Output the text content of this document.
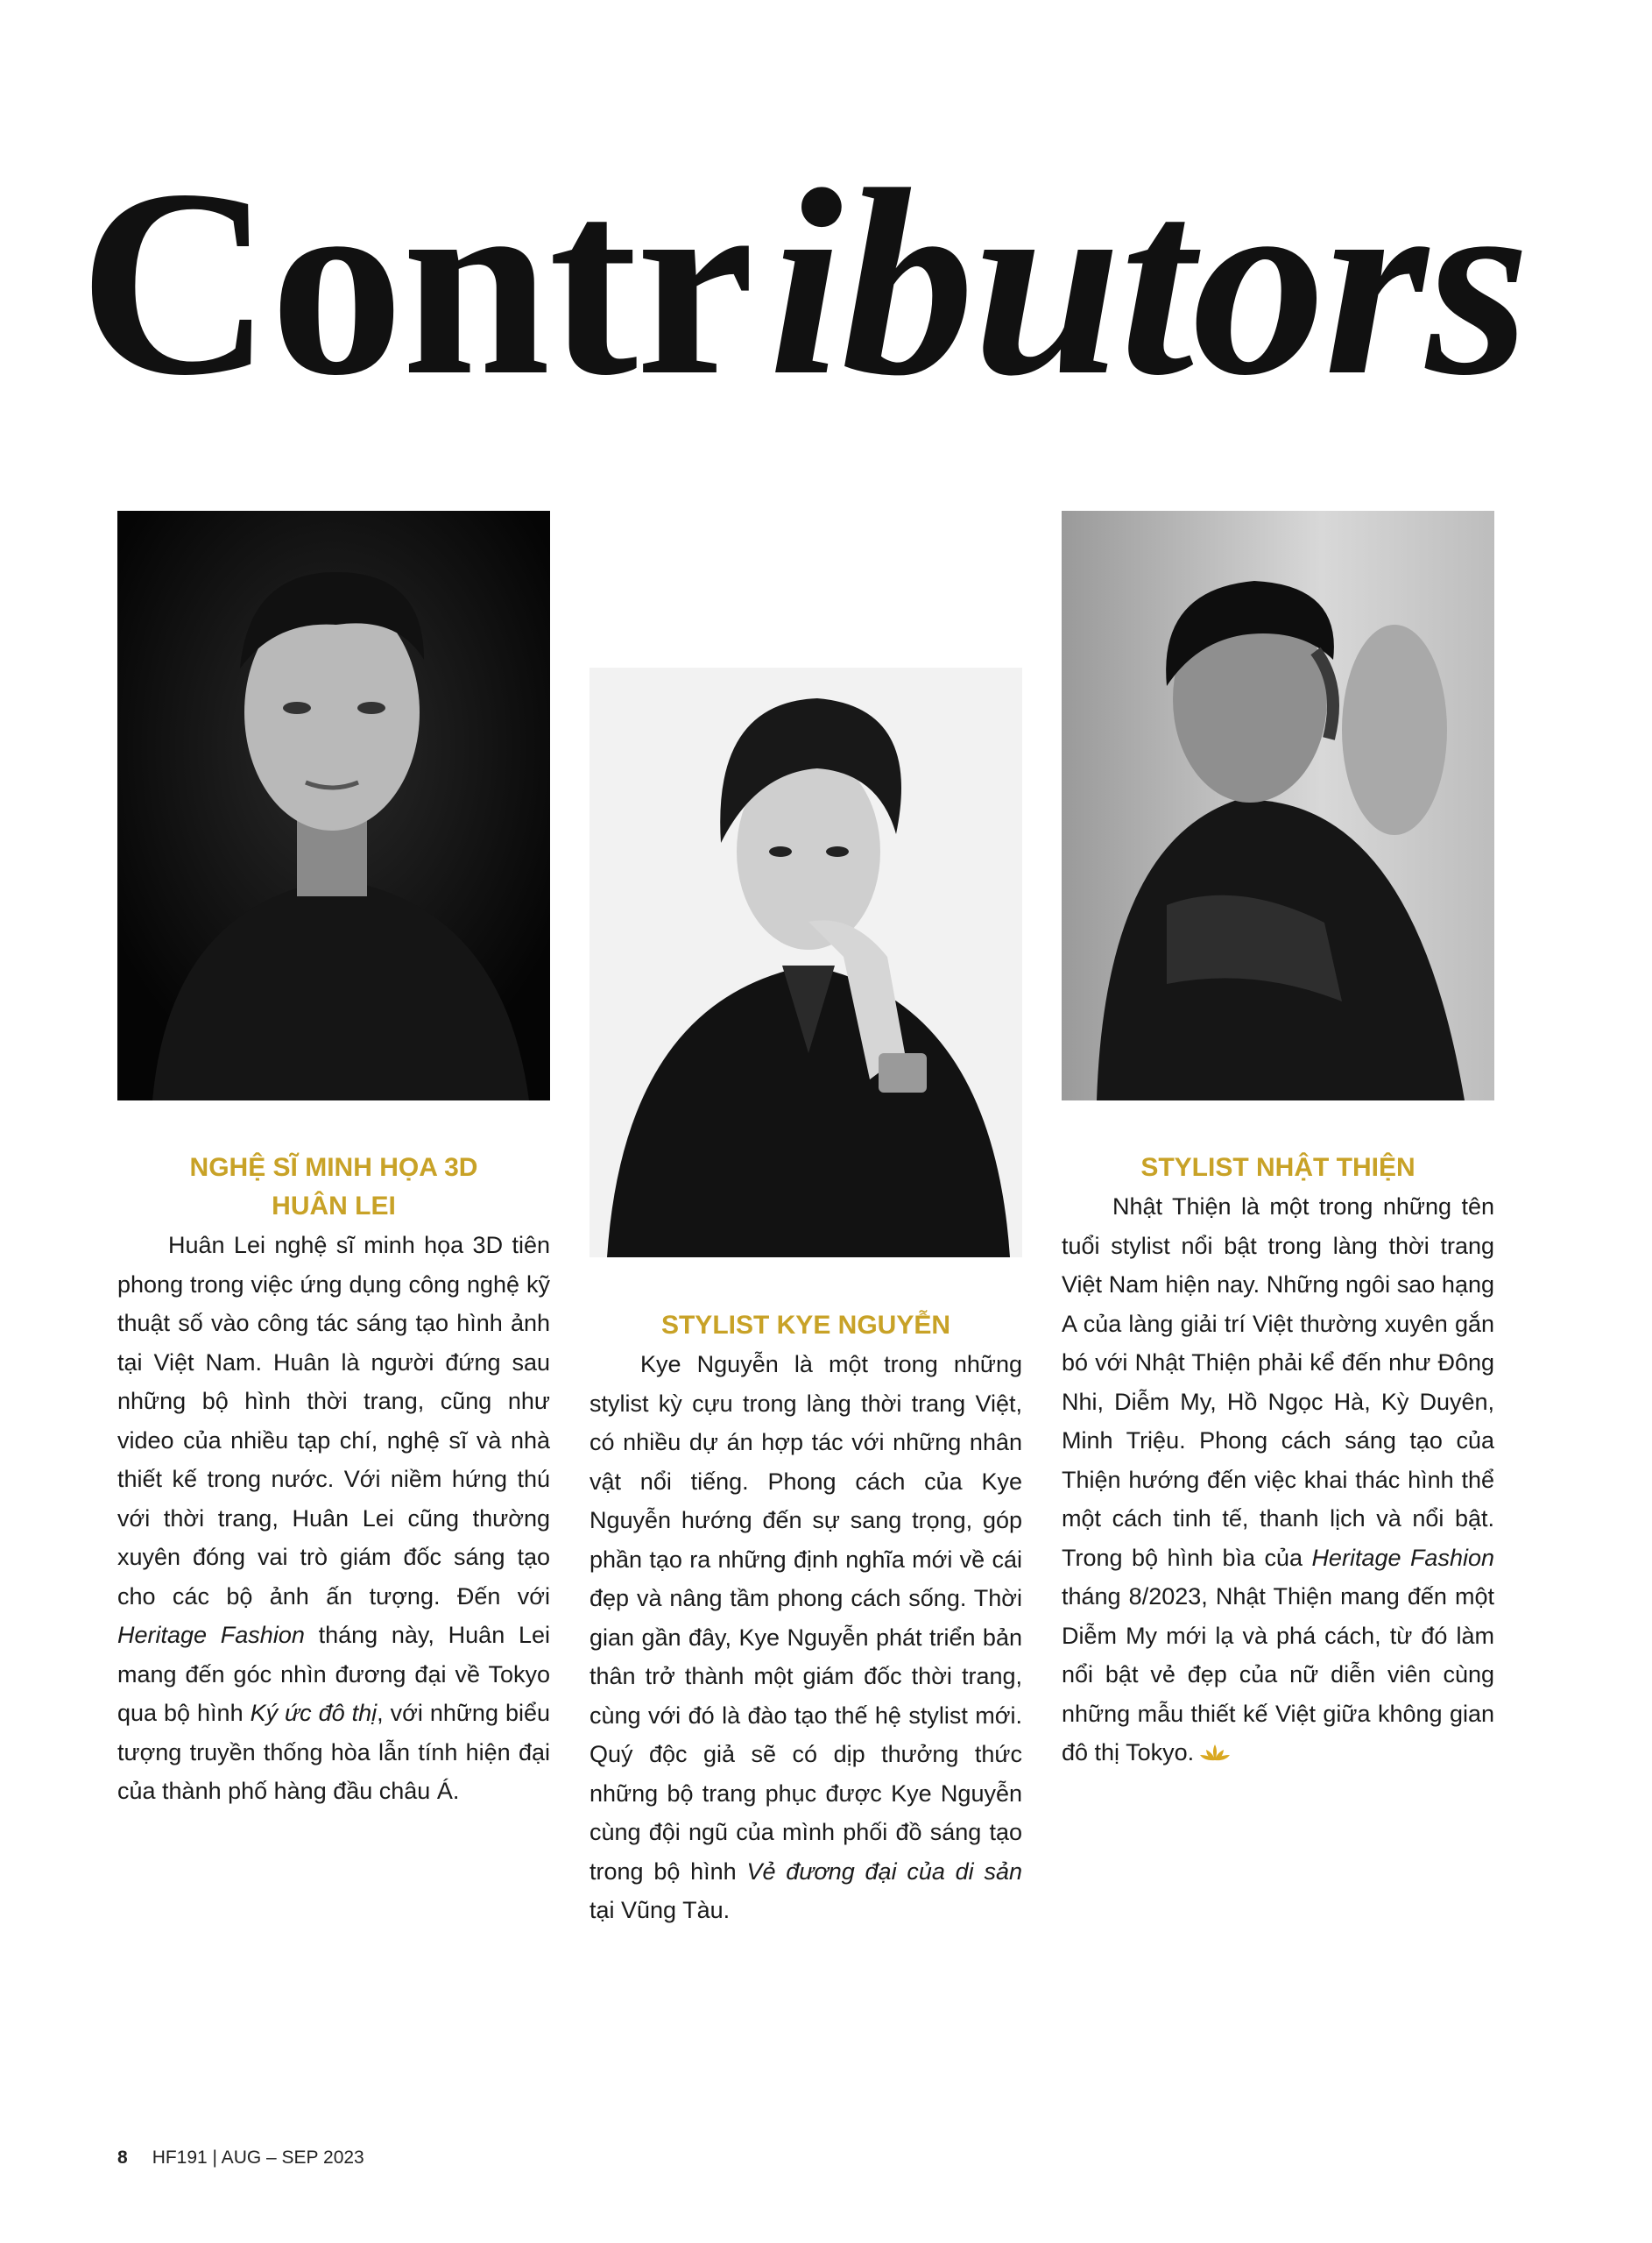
Contributors

NGHỆ SĨ MINH HỌA 3D
HUÂN LEI

Huân Lei nghệ sĩ minh họa 3D tiên phong trong việc ứng dụng công nghệ kỹ thuật số vào công tác sáng tạo hình ảnh tại Việt Nam. Huân là người đứng sau những bộ hình thời trang, cũng như video của nhiều tạp chí, nghệ sĩ và nhà thiết kế trong nước. Với niềm hứng thú với thời trang, Huân Lei cũng thường xuyên đóng vai trò giám đốc sáng tạo cho các bộ ảnh ấn tượng. Đến với Heritage Fashion tháng này, Huân Lei mang đến góc nhìn đương đại về Tokyo qua bộ hình Ký ức đô thị, với những biểu tượng truyền thống hòa lẫn tính hiện đại của thành phố hàng đầu châu Á.

STYLIST KYE NGUYỄN

Kye Nguyễn là một trong những stylist kỳ cựu trong làng thời trang Việt, có nhiều dự án hợp tác với những nhân vật nổi tiếng. Phong cách của Kye Nguyễn hướng đến sự sang trọng, góp phần tạo ra những định nghĩa mới về cái đẹp và nâng tầm phong cách sống. Thời gian gần đây, Kye Nguyễn phát triển bản thân trở thành một giám đốc thời trang, cùng với đó là đào tạo thế hệ stylist mới. Quý độc giả sẽ có dịp thưởng thức những bộ trang phục được Kye Nguyễn cùng đội ngũ của mình phối đồ sáng tạo trong bộ hình Vẻ đương đại của di sản tại Vũng Tàu.

STYLIST NHẬT THIỆN

Nhật Thiện là một trong những tên tuổi stylist nổi bật trong làng thời trang Việt Nam hiện nay. Những ngôi sao hạng A của làng giải trí Việt thường xuyên gắn bó với Nhật Thiện phải kể đến như Đông Nhi, Diễm My, Hồ Ngọc Hà, Kỳ Duyên, Minh Triệu. Phong cách sáng tạo của Thiện hướng đến việc khai thác hình thể một cách tinh tế, thanh lịch và nổi bật. Trong bộ hình bìa của Heritage Fashion tháng 8/2023, Nhật Thiện mang đến một Diễm My mới lạ và phá cách, từ đó làm nổi bật vẻ đẹp của nữ diễn viên cùng những mẫu thiết kế Việt giữa không gian đô thị Tokyo.

8 HF191 | AUG – SEP 2023
